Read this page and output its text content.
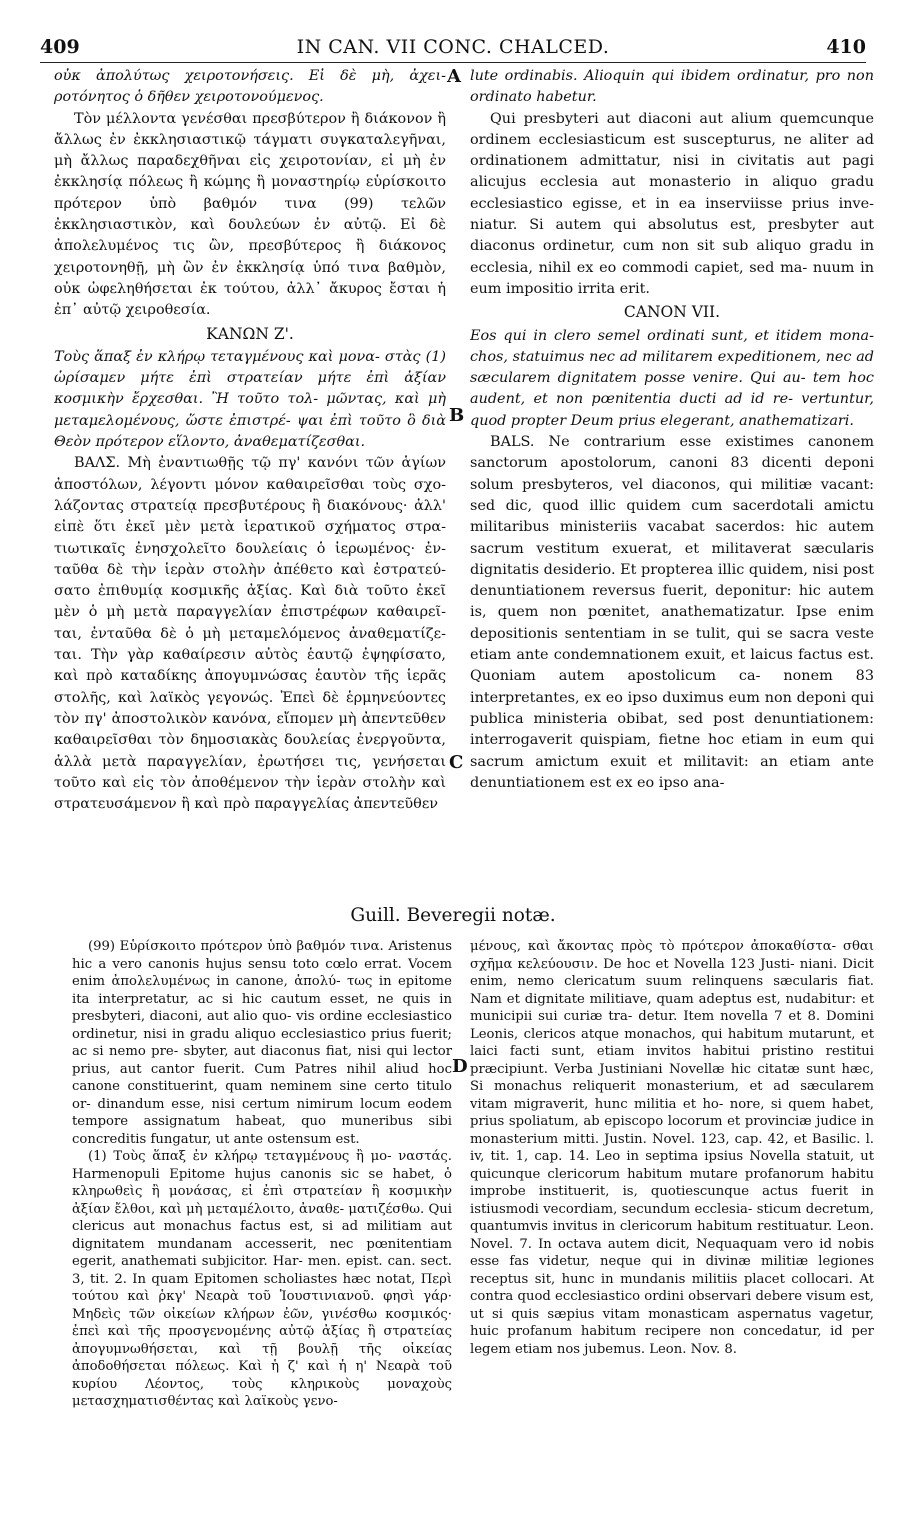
409	IN CAN. VII CONC. CHALCED.	410

οὐκ ἀπολύτως χειροτονήσεις. Εἰ δὲ μὴ, ἀχει- ροτόνητος ὁ δῆθεν χειροτονούμενος.

Τὸν μέλλοντα γενέσθαι πρεσβύτερον ἢ διάκονον ἢ ἄλλως ἐν ἐκκλησιαστικῷ τάγματι συγκαταλεγῆναι, μὴ ἄλλως παραδεχθῆναι εἰς χειροτονίαν, εἰ μὴ ἐν ἐκκλησίᾳ πόλεως ἢ κώμης ἢ μοναστηρίῳ εὑρίσκοιτο πρότερον ὑπὸ βαθμόν τινα (99) τελῶν ἐκκλησιαστικὸν, καὶ δουλεύων ἐν αὐτῷ. Εἰ δὲ ἀπολελυμένος τις ὢν, πρεσβύτερος ἢ διάκονος χειροτονηθῇ, μὴ ὢν ἐν ἐκκλησίᾳ ὑπό τινα βαθμὸν, οὐκ ὠφεληθήσεται ἐκ τούτου, ἀλλ᾿ ἄκυρος ἔσται ἡ ἐπ᾿ αὐτῷ χειροθεσία.

ΚΑΝΩΝ Ζ'.

Τοὺς ἅπαξ ἐν κλήρῳ τεταγμένους καὶ μονα- στὰς (1) ὡρίσαμεν μήτε ἐπὶ στρατείαν μήτε ἐπὶ ἀξίαν κοσμικὴν ἔρχεσθαι. Ἢ τοῦτο τολ- μῶντας, καὶ μὴ μεταμελομένους, ὥστε ἐπιστρέ- ψαι ἐπὶ τοῦτο ὃ διὰ Θεὸν πρότερον εἵλοντο, ἀναθεματίζεσθαι.

ΒΑΛΣ. Μὴ ἐναντιωθῇς τῷ πγ' κανόνι τῶν ἁγίων ἀποστόλων, λέγοντι μόνον καθαιρεῖσθαι τοὺς σχο- λάζοντας στρατείᾳ πρεσβυτέρους ἢ διακόνους· ἀλλ' εἰπὲ ὅτι ἐκεῖ μὲν μετὰ ἱερατικοῦ σχήματος στρα- τιωτικαῖς ἐνησχολεῖτο δουλείαις ὁ ἱερωμένος· ἐν- ταῦθα δὲ τὴν ἱερὰν στολὴν ἀπέθετο καὶ ἐστρατεύ- σατο ἐπιθυμίᾳ κοσμικῆς ἀξίας. Καὶ διὰ τοῦτο ἐκεῖ μὲν ὁ μὴ μετὰ παραγγελίαν ἐπιστρέφων καθαιρεῖ- ται, ἐνταῦθα δὲ ὁ μὴ μεταμελόμενος ἀναθεματίζε- ται. Τὴν γὰρ καθαίρεσιν αὐτὸς ἑαυτῷ ἐψηφίσατο, καὶ πρὸ καταδίκης ἀπογυμνώσας ἑαυτὸν τῆς ἱερᾶς στολῆς, καὶ λαϊκὸς γεγονώς. Ἐπεὶ δὲ ἑρμηνεύοντες τὸν πγ' ἀποστολικὸν κανόνα, εἴπομεν μὴ ἀπεντεῦθεν καθαιρεῖσθαι τὸν δημοσιακὰς δουλείας ἐνεργοῦντα, ἀλλὰ μετὰ παραγγελίαν, ἐρωτήσει τις, γενήσεται τοῦτο καὶ εἰς τὸν ἀποθέμενον τὴν ἱερὰν στολὴν καὶ στρατευσάμενον ἢ καὶ πρὸ παραγγελίας ἀπεντεῦθεν

A
B
C
D

lute ordinabis. Alioquin qui ibidem ordinatur, pro non ordinato habetur.

Qui presbyteri aut diaconi aut alium quemcunque ordinem ecclesiasticum est suscepturus, ne aliter ad ordinationem admittatur, nisi in civitatis aut pagi alicujus ecclesia aut monasterio in aliquo gradu ecclesiastico egisse, et in ea inserviisse prius inve- niatur. Si autem qui absolutus est, presbyter aut diaconus ordinetur, cum non sit sub aliquo gradu in ecclesia, nihil ex eo commodi capiet, sed ma- nuum in eum impositio irrita erit.

CANON VII.

Eos qui in clero semel ordinati sunt, et itidem mona- chos, statuimus nec ad militarem expeditionem, nec ad sæcularem dignitatem posse venire. Qui au- tem hoc audent, et non pœnitentia ducti ad id re- vertuntur, quod propter Deum prius elegerant, anathematizari.

BALS. Ne contrarium esse existimes canonem sanctorum apostolorum, canoni 83 dicenti deponi solum presbyteros, vel diaconos, qui militiæ vacant: sed dic, quod illic quidem cum sacerdotali amictu militaribus ministeriis vacabat sacerdos: hic autem sacrum vestitum exuerat, et militaverat sæcularis dignitatis desiderio. Et propterea illic quidem, nisi post denuntiationem reversus fuerit, deponitur: hic autem is, quem non pœnitet, anathematizatur. Ipse enim depositionis sententiam in se tulit, qui se sacra veste etiam ante condemnationem exuit, et laicus factus est. Quoniam autem apostolicum ca- nonem 83 interpretantes, ex eo ipso duximus eum non deponi qui publica ministeria obibat, sed post denuntiationem: interrogaverit quispiam, fietne hoc etiam in eum qui sacrum amictum exuit et militavit: an etiam ante denuntiationem est ex eo ipso ana-

Guill. Beveregii notæ.

(99) Εὑρίσκοιτο πρότερον ὑπὸ βαθμόν τινα. Aristenus hic a vero canonis hujus sensu toto cœlo errat. Vocem enim ἀπολελυμένως in canone, ἀπολύ- τως in epitome ita interpretatur, ac si hic cautum esset, ne quis in presbyteri, diaconi, aut alio quo- vis ordine ecclesiastico ordinetur, nisi in gradu aliquo ecclesiastico prius fuerit; ac si nemo pre- sbyter, aut diaconus fiat, nisi qui lector prius, aut cantor fuerit. Cum Patres nihil aliud hoc canone constituerint, quam neminem sine certo titulo or- dinandum esse, nisi certum nimirum locum eodem tempore assignatum habeat, quo muneribus sibi concreditis fungatur, ut ante ostensum est.

(1) Τοὺς ἅπαξ ἐν κλήρῳ τεταγμένους ἢ μο- ναστάς. Harmenopuli Epitome hujus canonis sic se habet, ὁ κληρωθεὶς ἢ μονάσας, εἰ ἐπὶ στρατείαν ἢ κοσμικὴν ἀξίαν ἔλθοι, καὶ μὴ μεταμέλοιτο, ἀναθε- ματιζέσθω. Qui clericus aut monachus factus est, si ad militiam aut dignitatem mundanam accesserit, nec pœnitentiam egerit, anathemati subjicitor. Har- men. epist. can. sect. 3, tit. 2. In quam Epitomen scholiastes hæc notat, Περὶ τούτου καὶ ῥκγ' Νεαρὰ τοῦ Ἰουστινιανοῦ. φησὶ γάρ· Μηδεὶς τῶν οἰκείων κλήρων ἐῶν, γινέσθω κοσμικός· ἐπεὶ καὶ τῆς προσγενομένης αὐτῷ ἀξίας ἢ στρατείας ἀπογυμνωθήσεται, καὶ τῇ βουλῇ τῆς οἰκείας ἀποδοθήσεται πόλεως. Καὶ ἡ ζ' καὶ ἡ η' Νεαρὰ τοῦ κυρίου Λέοντος, τοὺς κληρικοὺς μοναχοὺς μετασχηματισθέντας καὶ λαϊκοὺς γενο-

μένους, καὶ ἄκοντας πρὸς τὸ πρότερον ἀποκαθίστα- σθαι σχῆμα κελεύουσιν. De hoc et Novella 123 Justi- niani. Dicit enim, nemo clericatum suum relinquens sæcularis fiat. Nam et dignitate militiave, quam adeptus est, nudabitur: et municipii sui curiæ tra- detur. Item novella 7 et 8. Domini Leonis, clericos atque monachos, qui habitum mutarunt, et laici facti sunt, etiam invitos habitui pristino restitui præcipiunt. Verba Justiniani Novellæ hic citatæ sunt hæc, Si monachus reliquerit monasterium, et ad sæcularem vitam migraverit, hunc militia et ho- nore, si quem habet, prius spoliatum, ab episcopo locorum et provinciæ judice in monasterium mitti. Justin. Novel. 123, cap. 42, et Basilic. l. iv, tit. 1, cap. 14. Leo in septima ipsius Novella statuit, ut quicunque clericorum habitum mutare profanorum habitu improbe instituerit, is, quotiescunque actus fuerit in istiusmodi vecordiam, secundum ecclesia- sticum decretum, quantumvis invitus in clericorum habitum restituatur. Leon. Novel. 7. In octava autem dicit, Nequaquam vero id nobis esse fas videtur, neque qui in divinæ militiæ legiones receptus sit, hunc in mundanis militiis placet collocari. At contra quod ecclesiastico ordini observari debere visum est, ut si quis sæpius vitam monasticam aspernatus vagetur, huic profanum habitum recipere non concedatur, id per legem etiam nos jubemus. Leon. Nov. 8.
